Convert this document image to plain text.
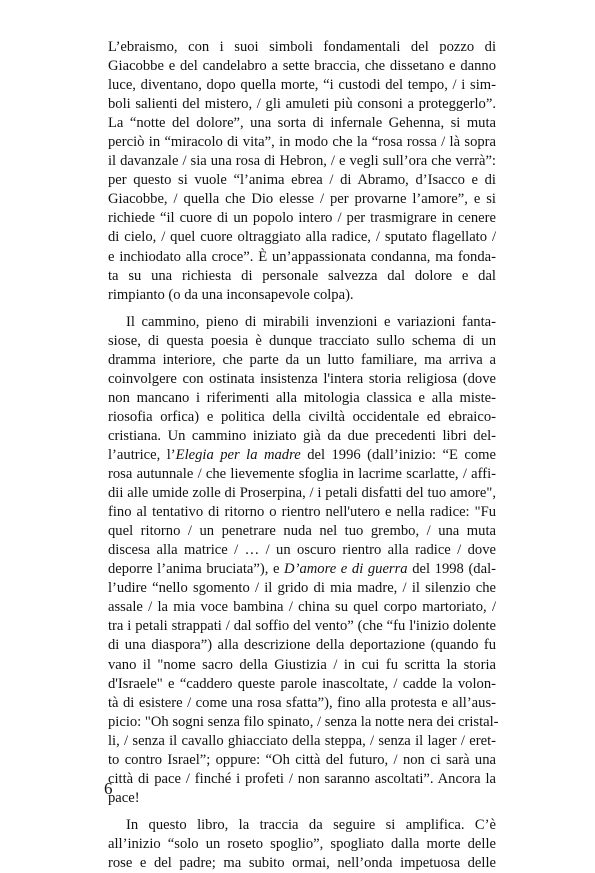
L’ebraismo, con i suoi simboli fondamentali del pozzo di
Giacobbe e del candelabro a sette braccia, che dissetano e danno
luce, diventano, dopo quella morte, “i custodi del tempo, / i sim-
boli salienti del mistero, / gli amuleti più consoni a proteggerlo”.
La “notte del dolore”, una sorta di infernale Gehenna, si muta
perciò in “miracolo di vita”, in modo che la “rosa rossa / là sopra
il davanzale / sia una rosa di Hebron, / e vegli sull’ora che verrà”:
per questo si vuole “l’anima ebrea / di Abramo, d’Isacco e di
Giacobbe, / quella che Dio elesse / per provarne l’amore”, e si
richiede “il cuore di un popolo intero / per trasmigrare in cenere
di cielo, / quel cuore oltraggiato alla radice, / sputato flagellato /
e inchiodato alla croce”. È un’appassionata condanna, ma fonda-
ta su una richiesta di personale salvezza dal dolore e dal
rimpianto (o da una inconsapevole colpa).
Il cammino, pieno di mirabili invenzioni e variazioni fanta-
siose, di questa poesia è dunque tracciato sullo schema di un
dramma interiore, che parte da un lutto familiare, ma arriva a
coinvolgere con ostinata insistenza l'intera storia religiosa (dove
non mancano i riferimenti alla mitologia classica e alla miste-
riosofia orfica) e politica della civiltà occidentale ed ebraico-
cristiana. Un cammino iniziato già da due precedenti libri del-
l’autrice, l’Elegia per la madre del 1996 (dall’inizio: “E come
rosa autunnale / che lievemente sfoglia in lacrime scarlatte, / affi-
dii alle umide zolle di Proserpina, / i petali disfatti del tuo amore",
fino al tentativo di ritorno o rientro nell'utero e nella radice: "Fu
quel ritorno / un penetrare nuda nel tuo grembo, / una muta
discesa alla matrice / … / un oscuro rientro alla radice / dove
deporre l’anima bruciata”), e D’amore e di guerra del 1998 (dal-
l’udire “nello sgomento / il grido di mia madre, / il silenzio che
assale / la mia voce bambina / china su quel corpo martoriato, /
tra i petali strappati / dal soffio del vento” (che “fu l'inizio dolente
di una diaspora”) alla descrizione della deportazione (quando fu
vano il "nome sacro della Giustizia / in cui fu scritta la storia
d'Israele" e “caddero queste parole inascoltate, / cadde la volon-
tà di esistere / come una rosa sfatta”), fino alla protesta e all’aus-
picio: "Oh sogni senza filo spinato, / senza la notte nera dei cristal-
li, / senza il cavallo ghiacciato della steppa, / senza il lager / eret-
to contro Israel”; oppure: “Oh città del futuro, / non ci sarà una
città di pace / finché i profeti / non saranno ascoltati”. Ancora la
pace!
In questo libro, la traccia da seguire si amplifica. C’è
all’inizio “solo un roseto spoglio”, spogliato dalla morte delle
rose e del padre; ma subito ormai, nell’onda impetuosa delle
6
